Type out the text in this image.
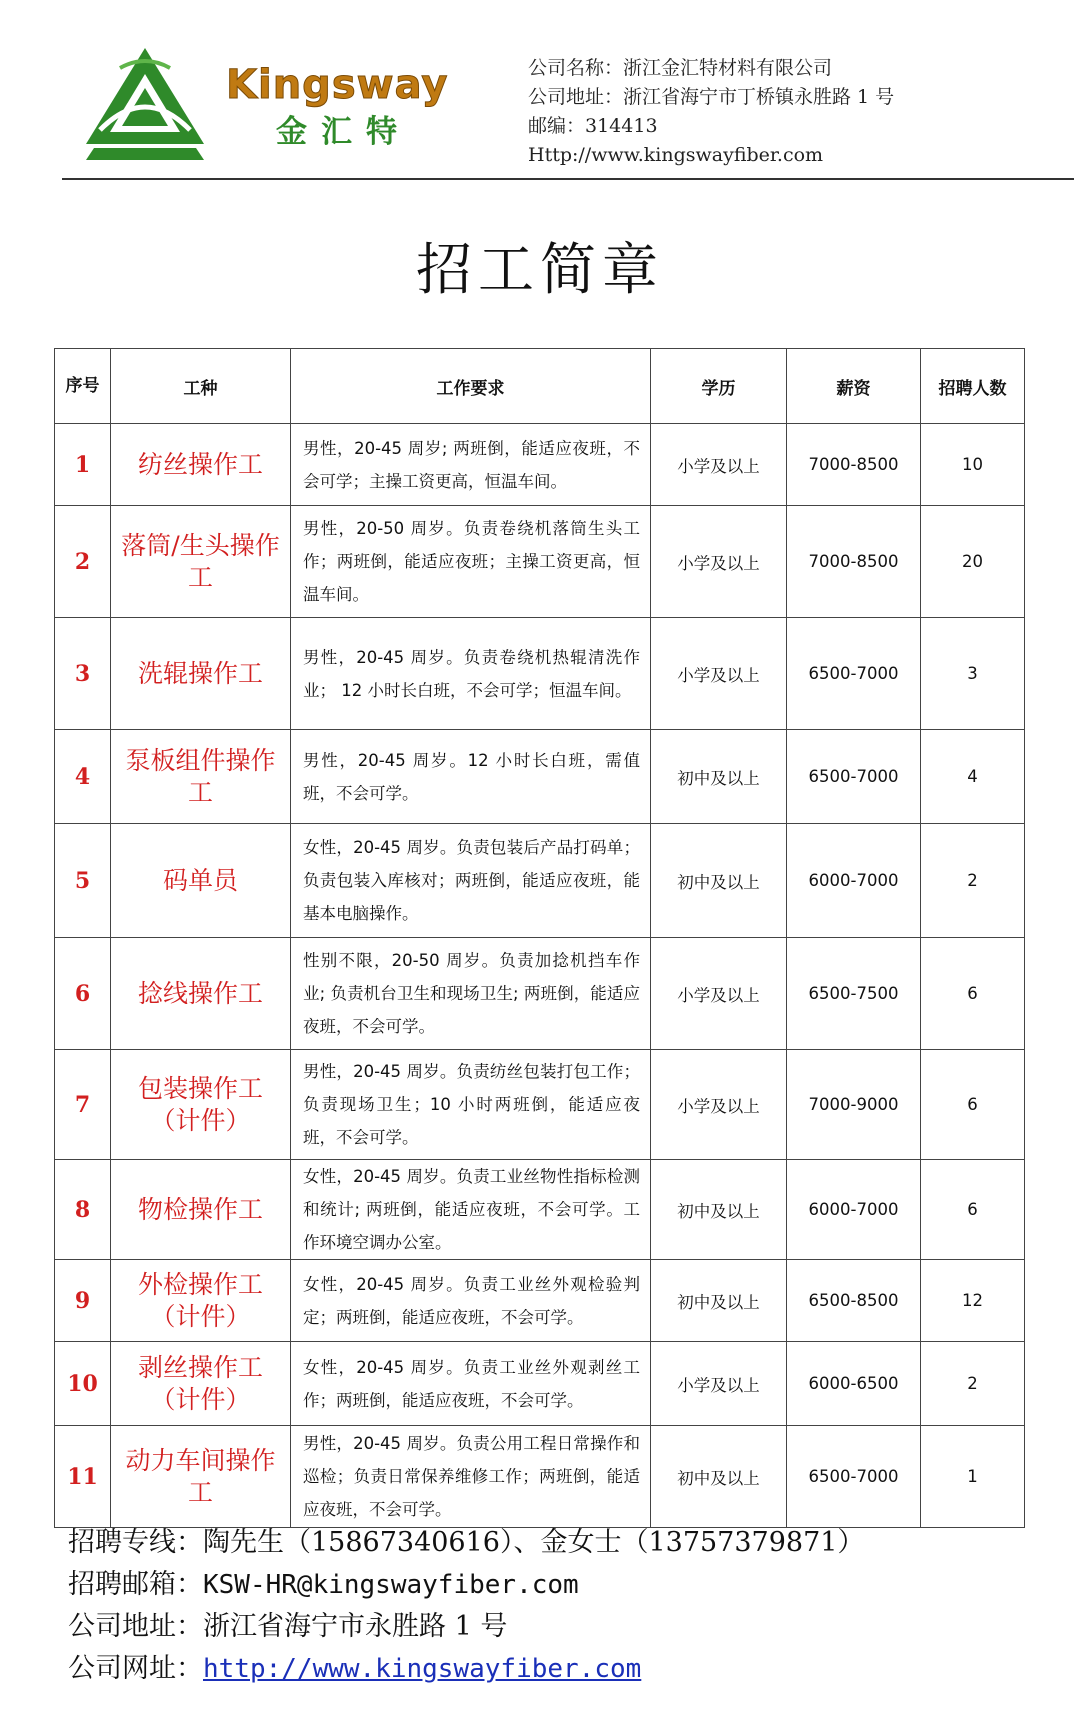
Kingsway
金汇特
公司名称：浙江金汇特材料有限公司
公司地址：浙江省海宁市丁桥镇永胜路 1 号
邮编：314413
Http://www.kingswayfiber.com
招工简章
序号	工种	工作要求	学历	薪资	招聘人数
1	纺丝操作工	男性，20-45 周岁; 两班倒，能适应夜班，不会可学；主操工资更高，恒温车间。	小学及以上	7000-8500	10
2	落筒/生头操作工	男性，20-50 周岁。负责卷绕机落筒生头工作；两班倒，能适应夜班；主操工资更高，恒温车间。	小学及以上	7000-8500	20
3	洗辊操作工	男性，20-45 周岁。负责卷绕机热辊清洗作业； 12 小时长白班，不会可学；恒温车间。	小学及以上	6500-7000	3
4	泵板组件操作工	男性，20-45 周岁。12 小时长白班，需值班，不会可学。	初中及以上	6500-7000	4
5	码单员	女性，20-45 周岁。负责包装后产品打码单；负责包装入库核对；两班倒，能适应夜班，能基本电脑操作。	初中及以上	6000-7000	2
6	捻线操作工	性别不限，20-50 周岁。负责加捻机挡车作业; 负责机台卫生和现场卫生; 两班倒，能适应夜班，不会可学。	小学及以上	6500-7500	6
7	包装操作工（计件）	男性，20-45 周岁。负责纺丝包装打包工作；负责现场卫生；10 小时两班倒，能适应夜班，不会可学。	小学及以上	7000-9000	6
8	物检操作工	女性，20-45 周岁。负责工业丝物性指标检测和统计; 两班倒，能适应夜班，不会可学。工作环境空调办公室。	初中及以上	6000-7000	6
9	外检操作工（计件）	女性，20-45 周岁。负责工业丝外观检验判定；两班倒，能适应夜班，不会可学。	初中及以上	6500-8500	12
10	剥丝操作工（计件）	女性，20-45 周岁。负责工业丝外观剥丝工作；两班倒，能适应夜班，不会可学。	小学及以上	6000-6500	2
11	动力车间操作工	男性，20-45 周岁。负责公用工程日常操作和巡检；负责日常保养维修工作；两班倒，能适应夜班，不会可学。	初中及以上	6500-7000	1
招聘专线：陶先生（15867340616）、金女士（13757379871）
招聘邮箱：KSW-HR@kingswayfiber.com
公司地址：浙江省海宁市永胜路 1 号
公司网址：http://www.kingswayfiber.com
